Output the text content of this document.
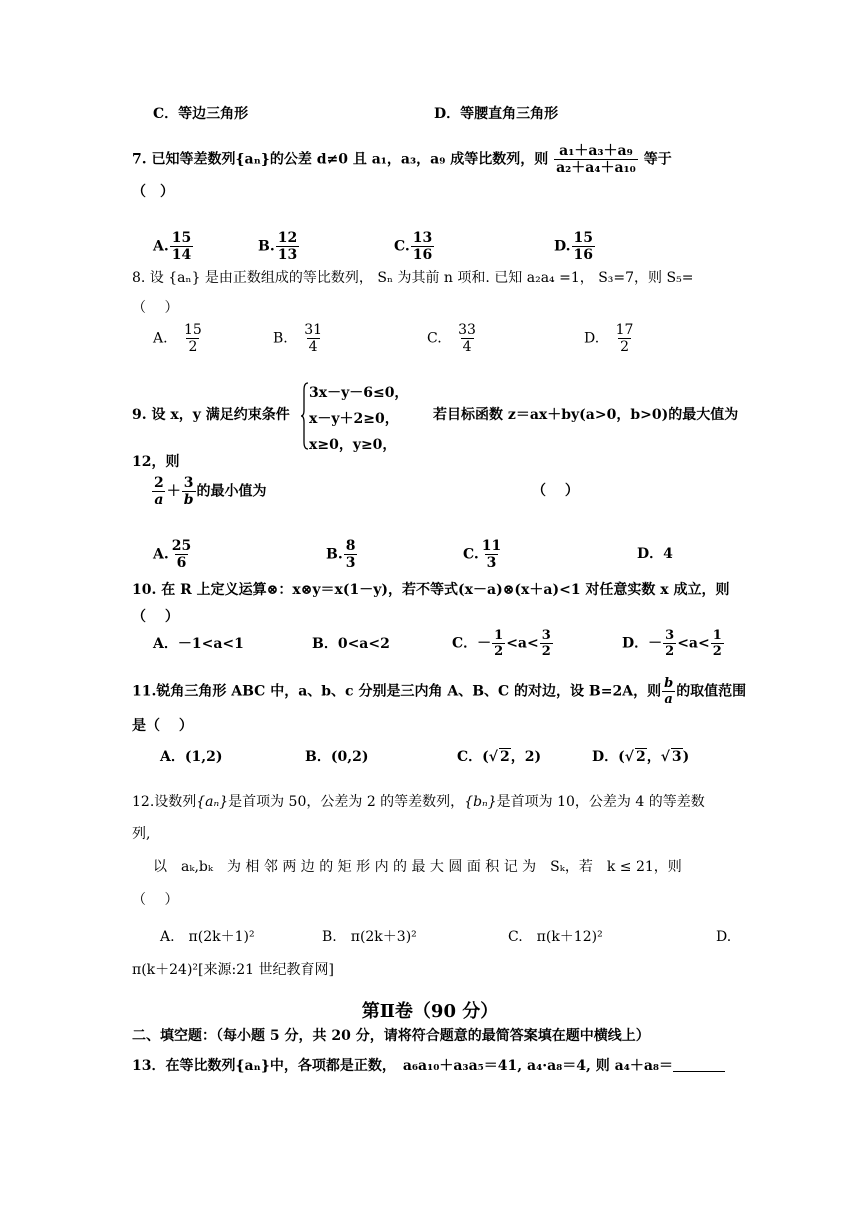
C．等边三角形	D．等腰直角三角形
7. 已知等差数列{aₙ}的公差 d≠0 且 a₁，a₃，a₉ 成等比数列，则 $\frac{\text{a₁＋a₃＋a₉}}{\text{a₂＋a₄＋a₁₀}}$ 等于
（　）
A. $\frac{15}{14}$	B. $\frac{12}{13}$	C. $\frac{13}{16}$	D. $\frac{15}{16}$
8. 设 {aₙ} 是由正数组成的等比数列， Sₙ 为其前 n 项和. 已知 a₂a₄ =1， S₃=7，则 S₅=
（　 ）
A. $\frac{15}{2}$	B. $\frac{31}{4}$	C. $\frac{33}{4}$	D. $\frac{17}{2}$
9. 设 x，y 满足约束条件
3x－y－6≤0，
x－y＋2≥0，
x≥0，y≥0，
若目标函数 z＝ax＋by(a>0，b>0)的最大值为
12，则
$\frac{2}{a} + \frac{3}{b}$ 的最小值为	（　 ）
A. $\frac{25}{6}$	B. $\frac{8}{3}$	C. $\frac{11}{3}$	D．4
10. 在 R 上定义运算⊗：x⊗y＝x(1－y)，若不等式(x－a)⊗(x＋a)<1 对任意实数 x 成立，则
（　 ）
A．－1<a<1	B．0<a<2	C．－ $\frac{1}{2} <a< \frac{3}{2}$	D．－ $\frac{3}{2} <a< \frac{1}{2}$
11.锐角三角形 ABC 中，a、b、c 分别是三内角 A、B、C 的对边，设 B=2A，则 $\frac{b}{a}$ 的取值范围
是（　 ）
A．(1,2)	B．(0,2)	C．(√ 2，2)	D．(√ 2，√ 3)
12.设数列{aₙ}是首项为 50，公差为 2 的等差数列，{bₙ}是首项为 10，公差为 4 的等差数
列,
以　aₖ,bₖ　为 相 邻 两 边 的 矩 形 内 的 最 大 圆 面 积 记 为　Sₖ，若　k ≤ 21，则
（　 ）
A.　π(2k＋1)²	B.　π(2k＋3)²	C.　π(k＋12)²	D.
π(k＋24)²[来源:21 世纪教育网]
第Ⅱ卷（90 分）
二、填空题：（每小题 5 分，共 20 分，请将符合题意的最简答案填在题中横线上）
13．在等比数列{aₙ}中，各项都是正数，　a₆a₁₀＋a₃a₅＝41, a₄·a₈＝4, 则 a₄＋a₈＝
